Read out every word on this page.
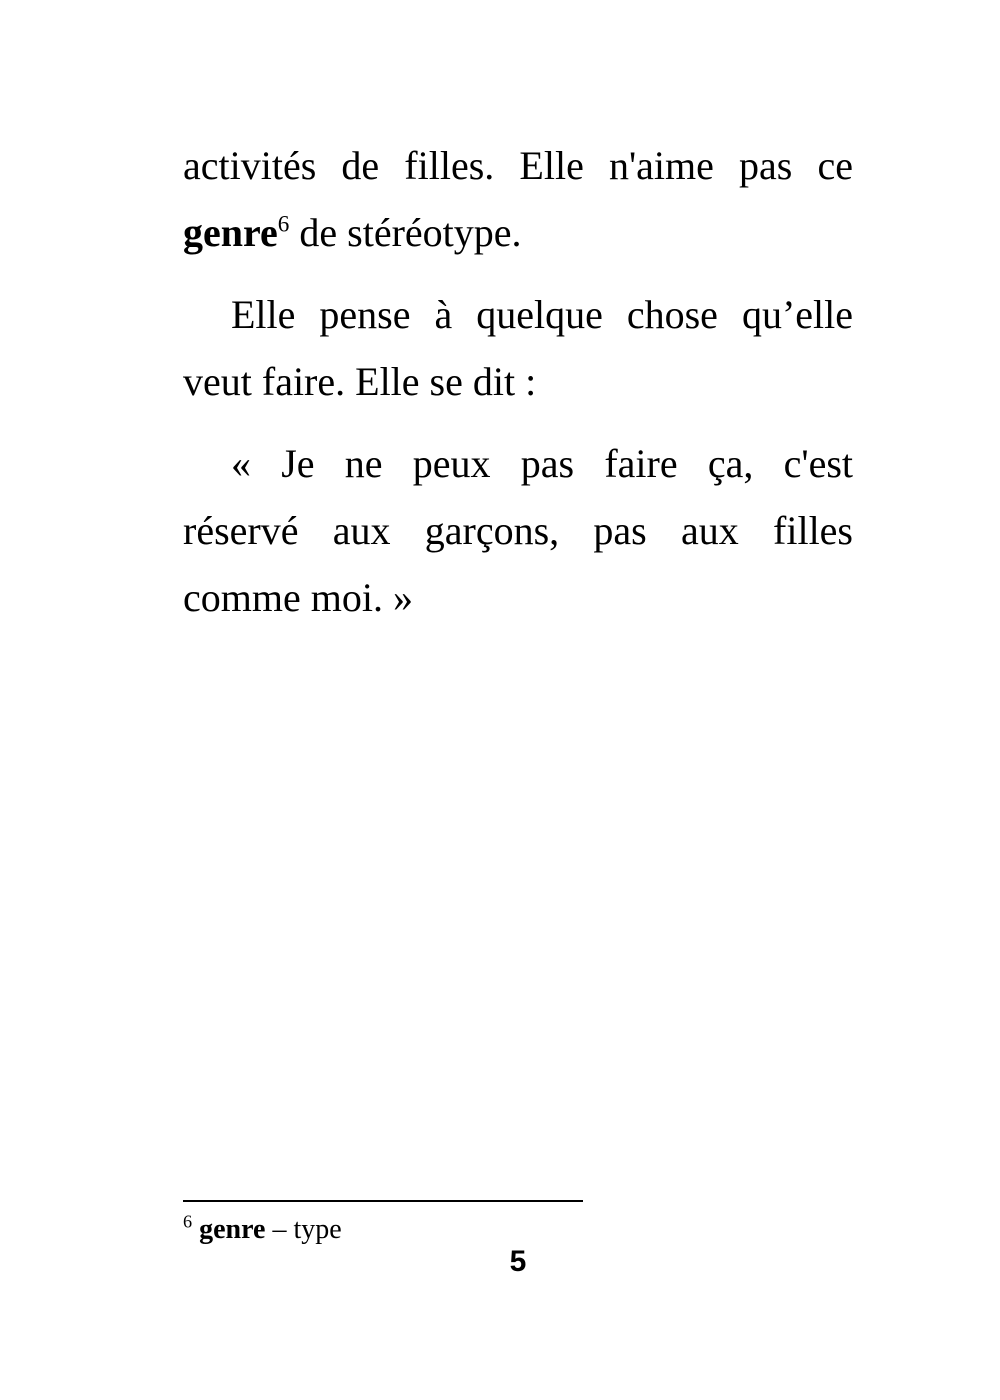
activités de filles. Elle n'aime pas ce
genre$^6$ de stéréotype.
Elle pense à quelque chose qu’elle
veut faire. Elle se dit :
« Je ne peux pas faire ça, c'est
réservé aux garçons, pas aux filles
comme moi. »
$^6$ genre – type
5
